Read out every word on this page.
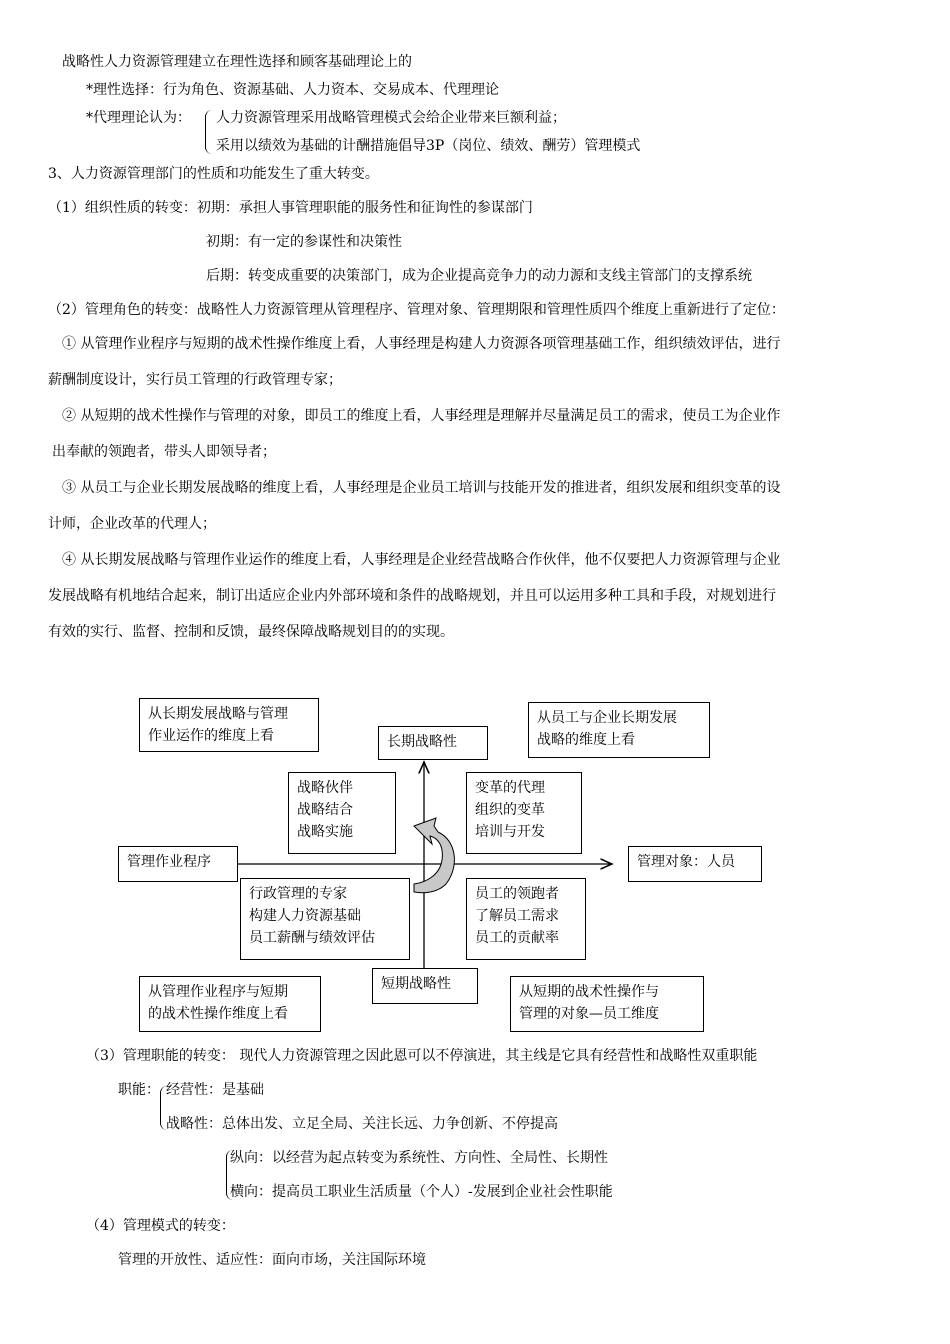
战略性人力资源管理建立在理性选择和顾客基础理论上的
*理性选择：行为角色、资源基础、人力资本、交易成本、代理理论
*代理理论认为： 人力资源管理采用战略管理模式会给企业带来巨额利益；
采用以绩效为基础的计酬措施倡导3P（岗位、绩效、酬劳）管理模式
3、人力资源管理部门的性质和功能发生了重大转变。
（1）组织性质的转变：初期：承担人事管理职能的服务性和征询性的参谋部门
初期：有一定的参谋性和决策性
后期：转变成重要的决策部门，成为企业提高竞争力的动力源和支线主管部门的支撑系统
（2）管理角色的转变：战略性人力资源管理从管理程序、管理对象、管理期限和管理性质四个维度上重新进行了定位：
① 从管理作业程序与短期的战术性操作维度上看，人事经理是构建人力资源各项管理基础工作，组织绩效评估，进行
薪酬制度设计，实行员工管理的行政管理专家；
② 从短期的战术性操作与管理的对象，即员工的维度上看，人事经理是理解并尽量满足员工的需求，使员工为企业作
出奉献的领跑者，带头人即领导者；
③ 从员工与企业长期发展战略的维度上看，人事经理是企业员工培训与技能开发的推进者，组织发展和组织变革的设
计师，企业改革的代理人；
④ 从长期发展战略与管理作业运作的维度上看，人事经理是企业经营战略合作伙伴，他不仅要把人力资源管理与企业
发展战略有机地结合起来，制订出适应企业内外部环境和条件的战略规划，并且可以运用多种工具和手段，对规划进行
有效的实行、监督、控制和反馈，最终保障战略规划目的的实现。
从长期发展战略与管理
作业运作的维度上看	长期战略性
从员工与企业长期发展
战略的维度上看
战略伙伴
战略结合
战略实施
变革的代理
组织的变革
培训与开发
管理作业程序	管理对象：人员
行政管理的专家
构建人力资源基础
员工薪酬与绩效评估
员工的领跑者
了解员工需求
员工的贡献率
短期战略性
从管理作业程序与短期
的战术性操作维度上看
从短期的战术性操作与
管理的对象—员工维度
（3）管理职能的转变： 现代人力资源管理之因此恩可以不停演进，其主线是它具有经营性和战略性双重职能
职能： 经营性：是基础
战略性：总体出发、立足全局、关注长远、力争创新、不停提高
纵向：以经营为起点转变为系统性、方向性、全局性、长期性
横向：提高员工职业生活质量（个人）-发展到企业社会性职能
（4）管理模式的转变：
管理的开放性、适应性：面向市场，关注国际环境
